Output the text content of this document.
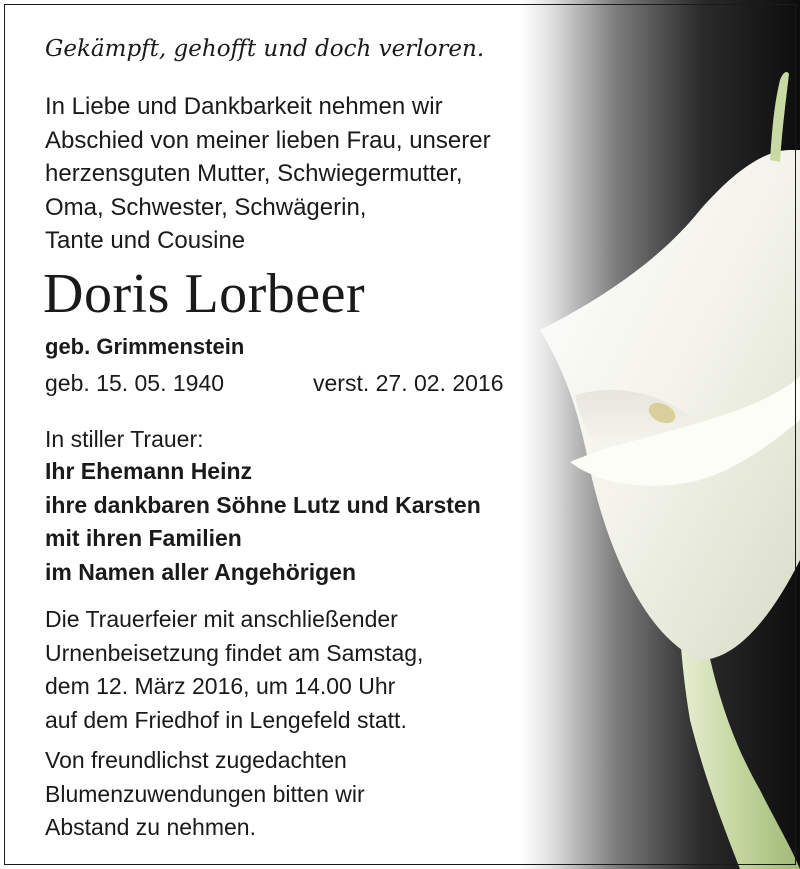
Gekämpft, gehofft und doch verloren.
In Liebe und Dankbarkeit nehmen wir
Abschied von meiner lieben Frau, unserer
herzensguten Mutter, Schwiegermutter,
Oma, Schwester, Schwägerin,
Tante und Cousine
Doris Lorbeer
geb. Grimmenstein
geb. 15. 05. 1940	verst. 27. 02. 2016
In stiller Trauer:
Ihr Ehemann Heinz
ihre dankbaren Söhne Lutz und Karsten
mit ihren Familien
im Namen aller Angehörigen
Die Trauerfeier mit anschließender
Urnenbeisetzung findet am Samstag,
dem 12. März 2016, um 14.00 Uhr
auf dem Friedhof in Lengefeld statt.
Von freundlichst zugedachten
Blumenzuwendungen bitten wir
Abstand zu nehmen.
